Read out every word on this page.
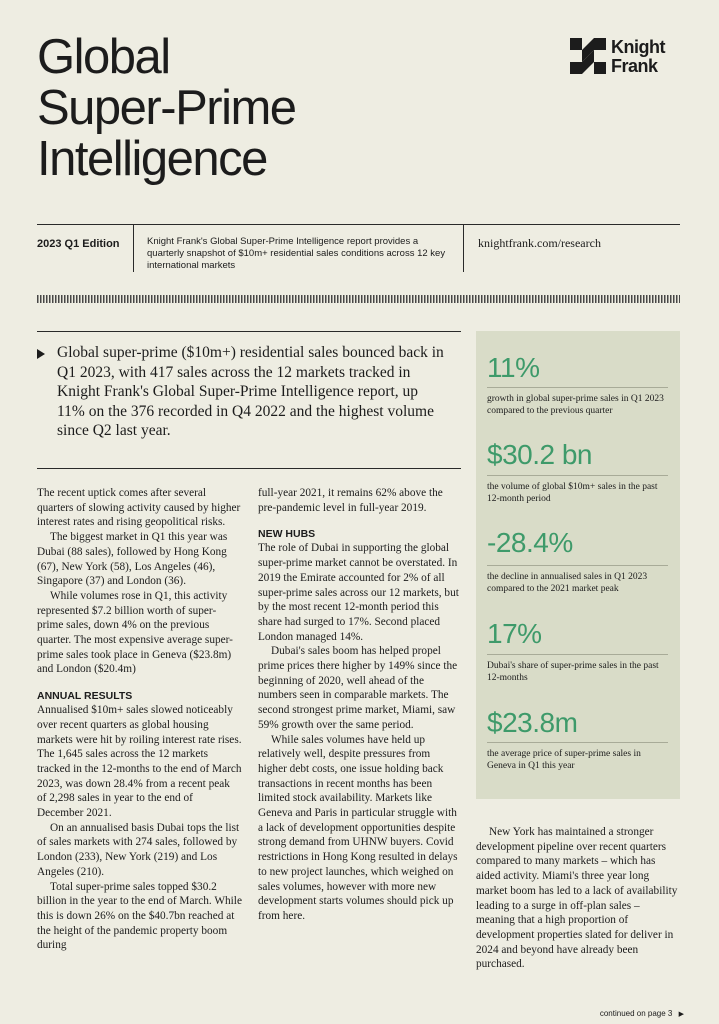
Global
Super-Prime
Intelligence
Knight
Frank
2023 Q1 Edition	Knight Frank's Global Super-Prime Intelligence report provides a quarterly snapshot of $10m+ residential sales conditions across 12 key international markets
knightfrank.com/research
Global super-prime ($10m+) residential sales bounced back in Q1 2023, with 417 sales across the 12 markets tracked in Knight Frank's Global Super-Prime Intelligence report, up 11% on the 376 recorded in Q4 2022 and the highest volume since Q2 last year.
11%
growth in global super-prime sales in Q1 2023 compared to the previous quarter
$30.2 bn
the volume of global $10m+ sales in the past 12-month period
-28.4%
the decline in annualised sales in Q1 2023 compared to the 2021 market peak
17%
Dubai's share of super-prime sales in the past 12-months
$23.8m
the average price of super-prime sales in Geneva in Q1 this year

The recent uptick comes after several quarters of slowing activity caused by higher interest rates and rising geopolitical risks.

The biggest market in Q1 this year was Dubai (88 sales), followed by Hong Kong (67), New York (58), Los Angeles (46), Singapore (37) and London (36).

While volumes rose in Q1, this activity represented $7.2 billion worth of super-prime sales, down 4% on the previous quarter. The most expensive average super-prime sales took place in Geneva ($23.8m) and London ($20.4m)

ANNUAL RESULTS

Annualised $10m+ sales slowed noticeably over recent quarters as global housing markets were hit by roiling interest rate rises. The 1,645 sales across the 12 markets tracked in the 12-months to the end of March 2023, was down 28.4% from a recent peak of 2,298 sales in year to the end of December 2021.

On an annualised basis Dubai tops the list of sales markets with 274 sales, followed by London (233), New York (219) and Los Angeles (210).

Total super-prime sales topped $30.2 billion in the year to the end of March. While this is down 26% on the $40.7bn reached at the height of the pandemic property boom during

full-year 2021, it remains 62% above the pre-pandemic level in full-year 2019.

NEW HUBS

The role of Dubai in supporting the global super-prime market cannot be overstated. In 2019 the Emirate accounted for 2% of all super-prime sales across our 12 markets, but by the most recent 12-month period this share had surged to 17%. Second placed London managed 14%.

Dubai's sales boom has helped propel prime prices there higher by 149% since the beginning of 2020, well ahead of the numbers seen in comparable markets. The second strongest prime market, Miami, saw 59% growth over the same period.

While sales volumes have held up relatively well, despite pressures from higher debt costs, one issue holding back transactions in recent months has been limited stock availability. Markets like Geneva and Paris in particular struggle with a lack of development opportunities despite strong demand from UHNW buyers. Covid restrictions in Hong Kong resulted in delays to new project launches, which weighed on sales volumes, however with more new development starts volumes should pick up from here.

New York has maintained a stronger development pipeline over recent quarters compared to many markets – which has aided activity. Miami's three year long market boom has led to a lack of availability leading to a surge in off-plan sales – meaning that a high proportion of development properties slated for deliver in 2024 and beyond have already been purchased.

continued on page 3 ▶
